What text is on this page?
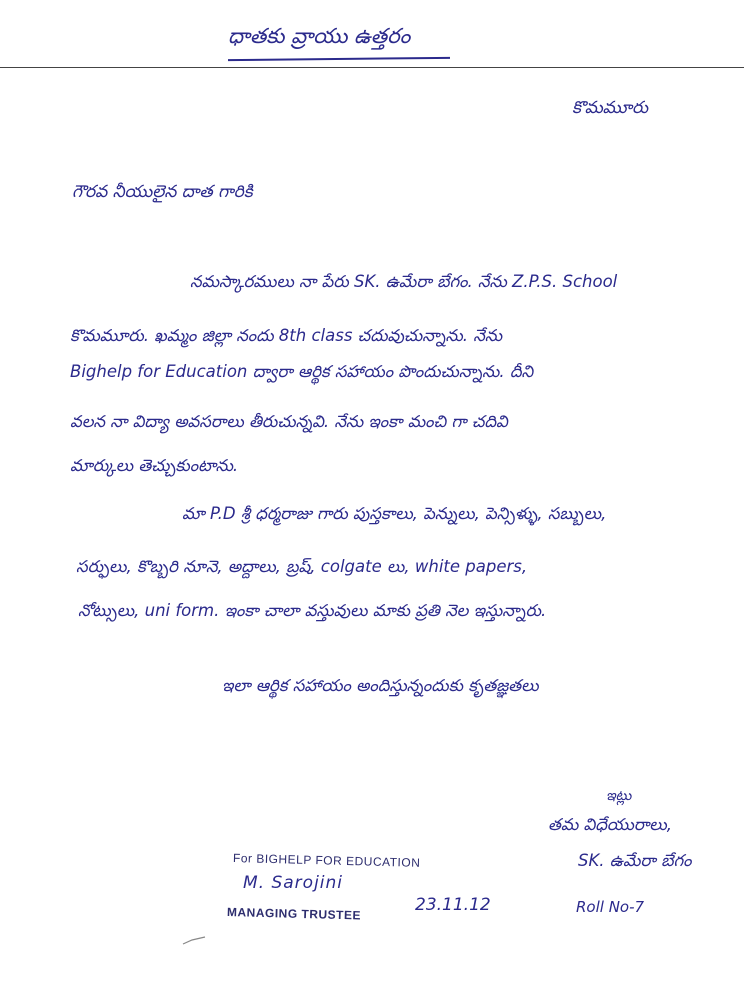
ధాతకు వ్రాయు ఉత్తరం
కొమమూరు
గౌరవ నీయులైన దాత గారికి
నమస్కారములు నా పేరు SK. ఉమేరా బేగం. నేను Z.P.S. School
కొమమూరు. ఖమ్మం జిల్లా నందు 8th class చదువుచున్నాను. నేను
Bighelp for Education ద్వారా ఆర్థిక సహాయం పొందుచున్నాను. దీని
వలన నా విద్యా అవసరాలు తీరుచున్నవి. నేను ఇంకా మంచి గా చదివి
మార్కులు తెచ్చుకుంటాను.
మా P.D శ్రీ ధర్మరాజు గారు పుస్తకాలు, పెన్నులు, పెన్సిళ్ళు, సబ్బులు,
సర్ఫులు, కొబ్బరి నూనె, అద్దాలు, బ్రష్, colgate లు, white papers,
నోట్సులు, uni form. ఇంకా చాలా వస్తువులు మాకు ప్రతి నెల ఇస్తున్నారు.
ఇలా ఆర్థిక సహాయం అందిస్తున్నందుకు కృతజ్ఞతలు
ఇట్లు
తమ విధేయురాలు,
SK. ఉమేరా బేగం
Roll No-7
For BIGHELP FOR EDUCATION
M. Sarojini
23.11.12
MANAGING TRUSTEE
